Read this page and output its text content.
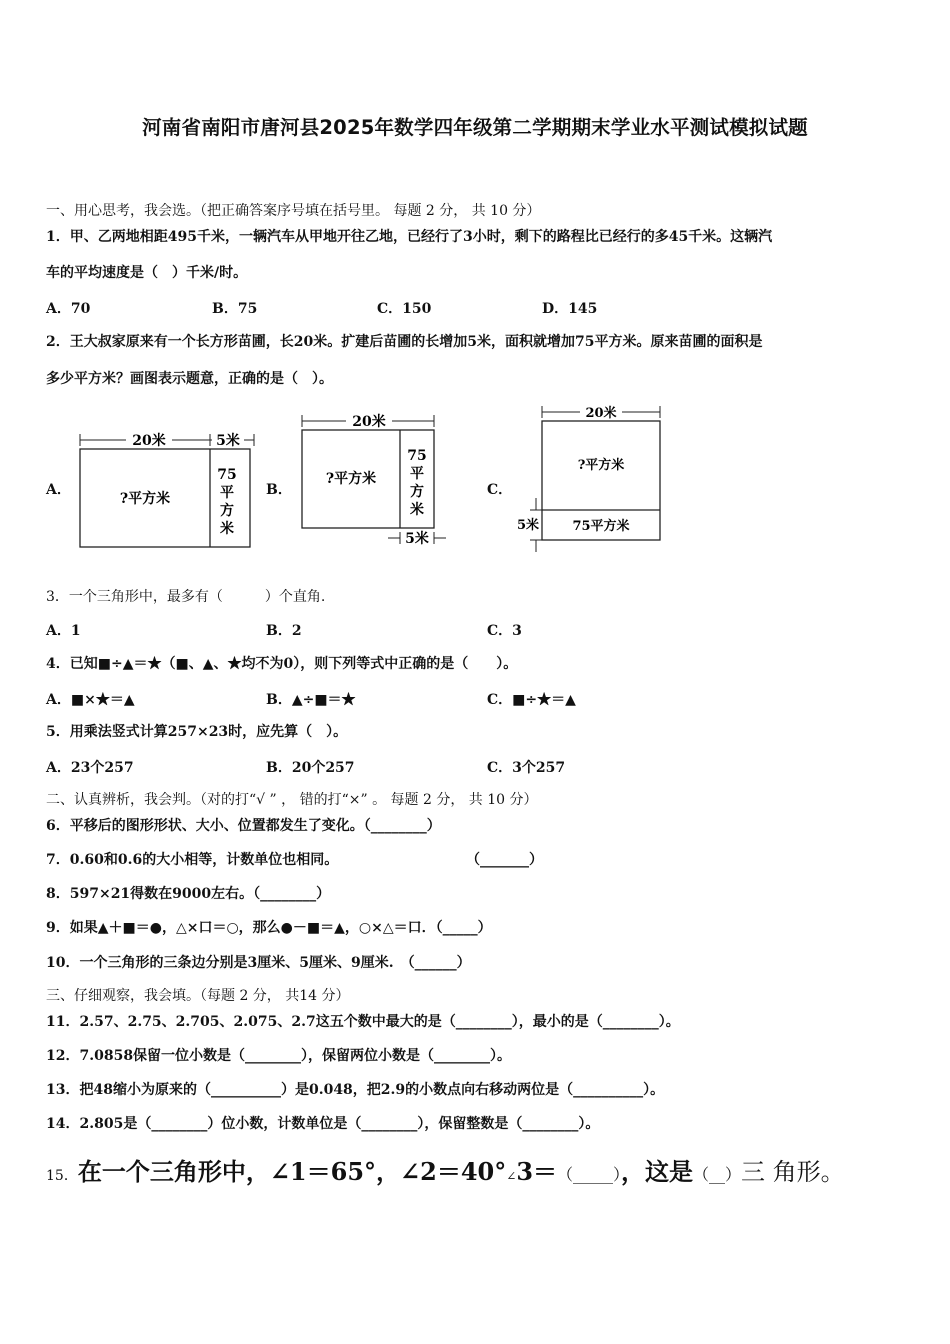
河南省南阳市唐河县2025年数学四年级第二学期期末学业水平测试模拟试题
一、用心思考，我会选。（把正确答案序号填在括号里。 每题 2 分， 共 10 分）
1．甲、乙两地相距495千米，一辆汽车从甲地开往乙地，已经行了3小时，剩下的路程比已经行的多45千米。这辆汽
车的平均速度是（　）千米/时。
A．70	B．75	C．150	D．145
2．王大叔家原来有一个长方形苗圃，长20米。扩建后苗圃的长增加5米，面积就增加75平方米。原来苗圃的面积是
多少平方米？画图表示题意，正确的是（　）。
A．
20米	5米
?平方米
75
平
方
米
B．
20米
?平方米
75
平
方
米
5米
C．
20米
?平方米
75平方米
5米
3．一个三角形中，最多有（　　　）个直角.
A．1	B．2	C．3
4．已知■÷▲＝★（■、▲、★均不为0），则下列等式中正确的是（　　）。
A．■×★＝▲	B．▲÷■＝★	C．■÷★＝▲
5．用乘法竖式计算257×23时，应先算（　）。
A．23个257	B．20个257	C．3个257
二、认真辨析，我会判。（对的打“√ ” ， 错的打“×” 。 每题 2 分， 共 10 分）
6．平移后的图形形状、大小、位置都发生了变化。（________）
7．0.60和0.6的大小相等，计数单位也相同。	（_______）
8．597×21得数在9000左右。（________）
9．如果▲＋■＝●，△×口＝○，那么●－■＝▲，○×△＝口．（_____）
10．一个三角形的三条边分别是3厘米、5厘米、9厘米.　（______）
三、仔细观察，我会填。（每题 2 分， 共14 分）
11．2.57、2.75、2.705、2.075、2.7这五个数中最大的是（________），最小的是（________）。
12．7.0858保留一位小数是（________），保留两位小数是（________）。
13．把48缩小为原来的（__________）是0.048，把2.9的小数点向右移动两位是（__________）。
14．2.805是（________）位小数，计数单位是（________），保留整数是（________）。
15．在一个三角形中，∠1＝65°，∠2＝40°∠3＝（_____），这是（__）三 角形。
